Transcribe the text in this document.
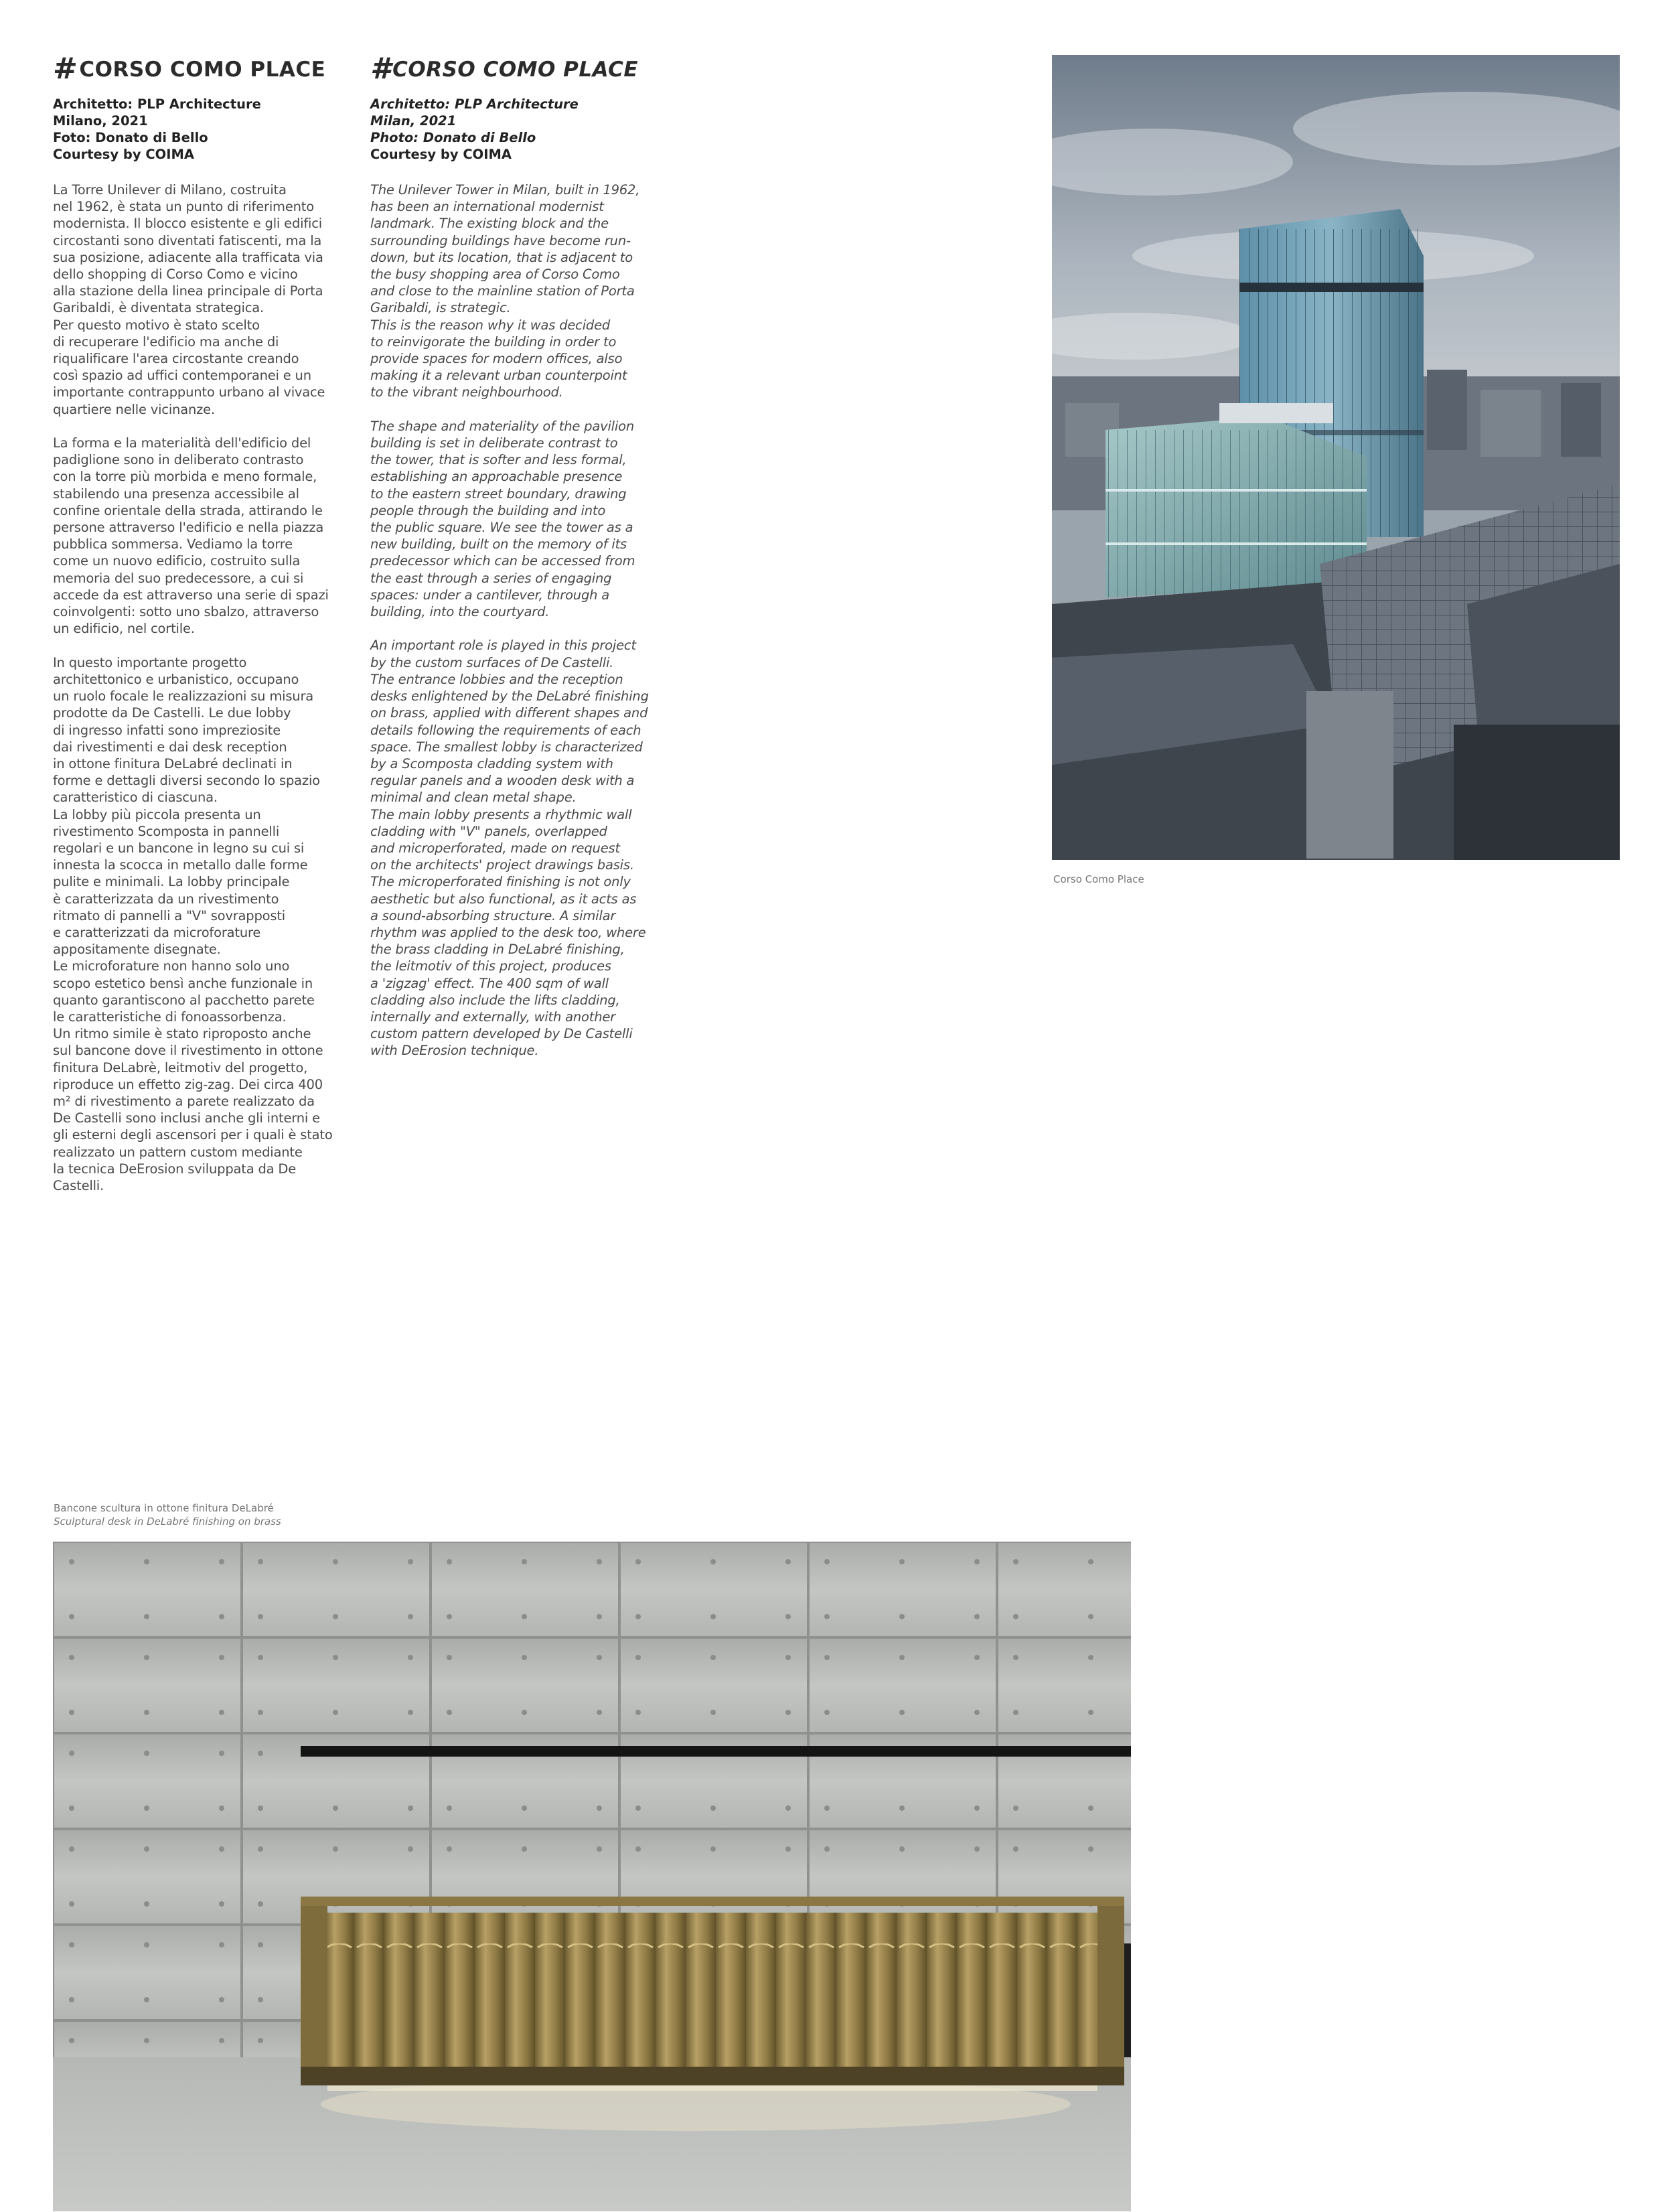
#CORSO COMO PLACE
Architetto: PLP Architecture
Milano, 2021
Foto: Donato di Bello
Courtesy by COIMA
La Torre Unilever di Milano, costruita
nel 1962, è stata un punto di riferimento
modernista. Il blocco esistente e gli edifici
circostanti sono diventati fatiscenti, ma la
sua posizione, adiacente alla trafficata via
dello shopping di Corso Como e vicino
alla stazione della linea principale di Porta
Garibaldi, è diventata strategica.
Per questo motivo è stato scelto
di recuperare l'edificio ma anche di
riqualificare l'area circostante creando
così spazio ad uffici contemporanei e un
importante contrappunto urbano al vivace
quartiere nelle vicinanze.

La forma e la materialità dell'edificio del
padiglione sono in deliberato contrasto
con la torre più morbida e meno formale,
stabilendo una presenza accessibile al
confine orientale della strada, attirando le
persone attraverso l'edificio e nella piazza
pubblica sommersa. Vediamo la torre
come un nuovo edificio, costruito sulla
memoria del suo predecessore, a cui si
accede da est attraverso una serie di spazi
coinvolgenti: sotto uno sbalzo, attraverso
un edificio, nel cortile.

In questo importante progetto
architettonico e urbanistico, occupano
un ruolo focale le realizzazioni su misura
prodotte da De Castelli. Le due lobby
di ingresso infatti sono impreziosite
dai rivestimenti e dai desk reception
in ottone finitura DeLabré declinati in
forme e dettagli diversi secondo lo spazio
caratteristico di ciascuna.
La lobby più piccola presenta un
rivestimento Scomposta in pannelli
regolari e un bancone in legno su cui si
innesta la scocca in metallo dalle forme
pulite e minimali. La lobby principale
è caratterizzata da un rivestimento
ritmato di pannelli a "V" sovrapposti
e caratterizzati da microforature
appositamente disegnate.
Le microforature non hanno solo uno
scopo estetico bensì anche funzionale in
quanto garantiscono al pacchetto parete
le caratteristiche di fonoassorbenza.
Un ritmo simile è stato riproposto anche
sul bancone dove il rivestimento in ottone
finitura DeLabrè, leitmotiv del progetto,
riproduce un effetto zig-zag. Dei circa 400
m² di rivestimento a parete realizzato da
De Castelli sono inclusi anche gli interni e
gli esterni degli ascensori per i quali è stato
realizzato un pattern custom mediante
la tecnica DeErosion sviluppata da De
Castelli.
#CORSO COMO PLACE
Architetto: PLP Architecture
Milan, 2021
Photo: Donato di Bello
Courtesy by COIMA
The Unilever Tower in Milan, built in 1962,
has been an international modernist
landmark. The existing block and the
surrounding buildings have become run-
down, but its location, that is adjacent to
the busy shopping area of Corso Como
and close to the mainline station of Porta
Garibaldi, is strategic.
This is the reason why it was decided
to reinvigorate the building in order to
provide spaces for modern offices, also
making it a relevant urban counterpoint
to the vibrant neighbourhood.

The shape and materiality of the pavilion
building is set in deliberate contrast to
the tower, that is softer and less formal,
establishing an approachable presence
to the eastern street boundary, drawing
people through the building and into
the public square. We see the tower as a
new building, built on the memory of its
predecessor which can be accessed from
the east through a series of engaging
spaces: under a cantilever, through a
building, into the courtyard.

An important role is played in this project
by the custom surfaces of De Castelli.
The entrance lobbies and the reception
desks enlightened by the DeLabré finishing
on brass, applied with different shapes and
details following the requirements of each
space. The smallest lobby is characterized
by a Scomposta cladding system with
regular panels and a wooden desk with a
minimal and clean metal shape.
The main lobby presents a rhythmic wall
cladding with "V" panels, overlapped
and microperforated, made on request
on the architects' project drawings basis.
The microperforated finishing is not only
aesthetic but also functional, as it acts as
a sound-absorbing structure. A similar
rhythm was applied to the desk too, where
the brass cladding in DeLabré finishing,
the leitmotiv of this project, produces
a 'zigzag' effect. The 400 sqm of wall
cladding also include the lifts cladding,
internally and externally, with another
custom pattern developed by De Castelli
with DeErosion technique.
Corso Como Place
Bancone scultura in ottone finitura DeLabré
Sculptural desk in DeLabré finishing on brass
